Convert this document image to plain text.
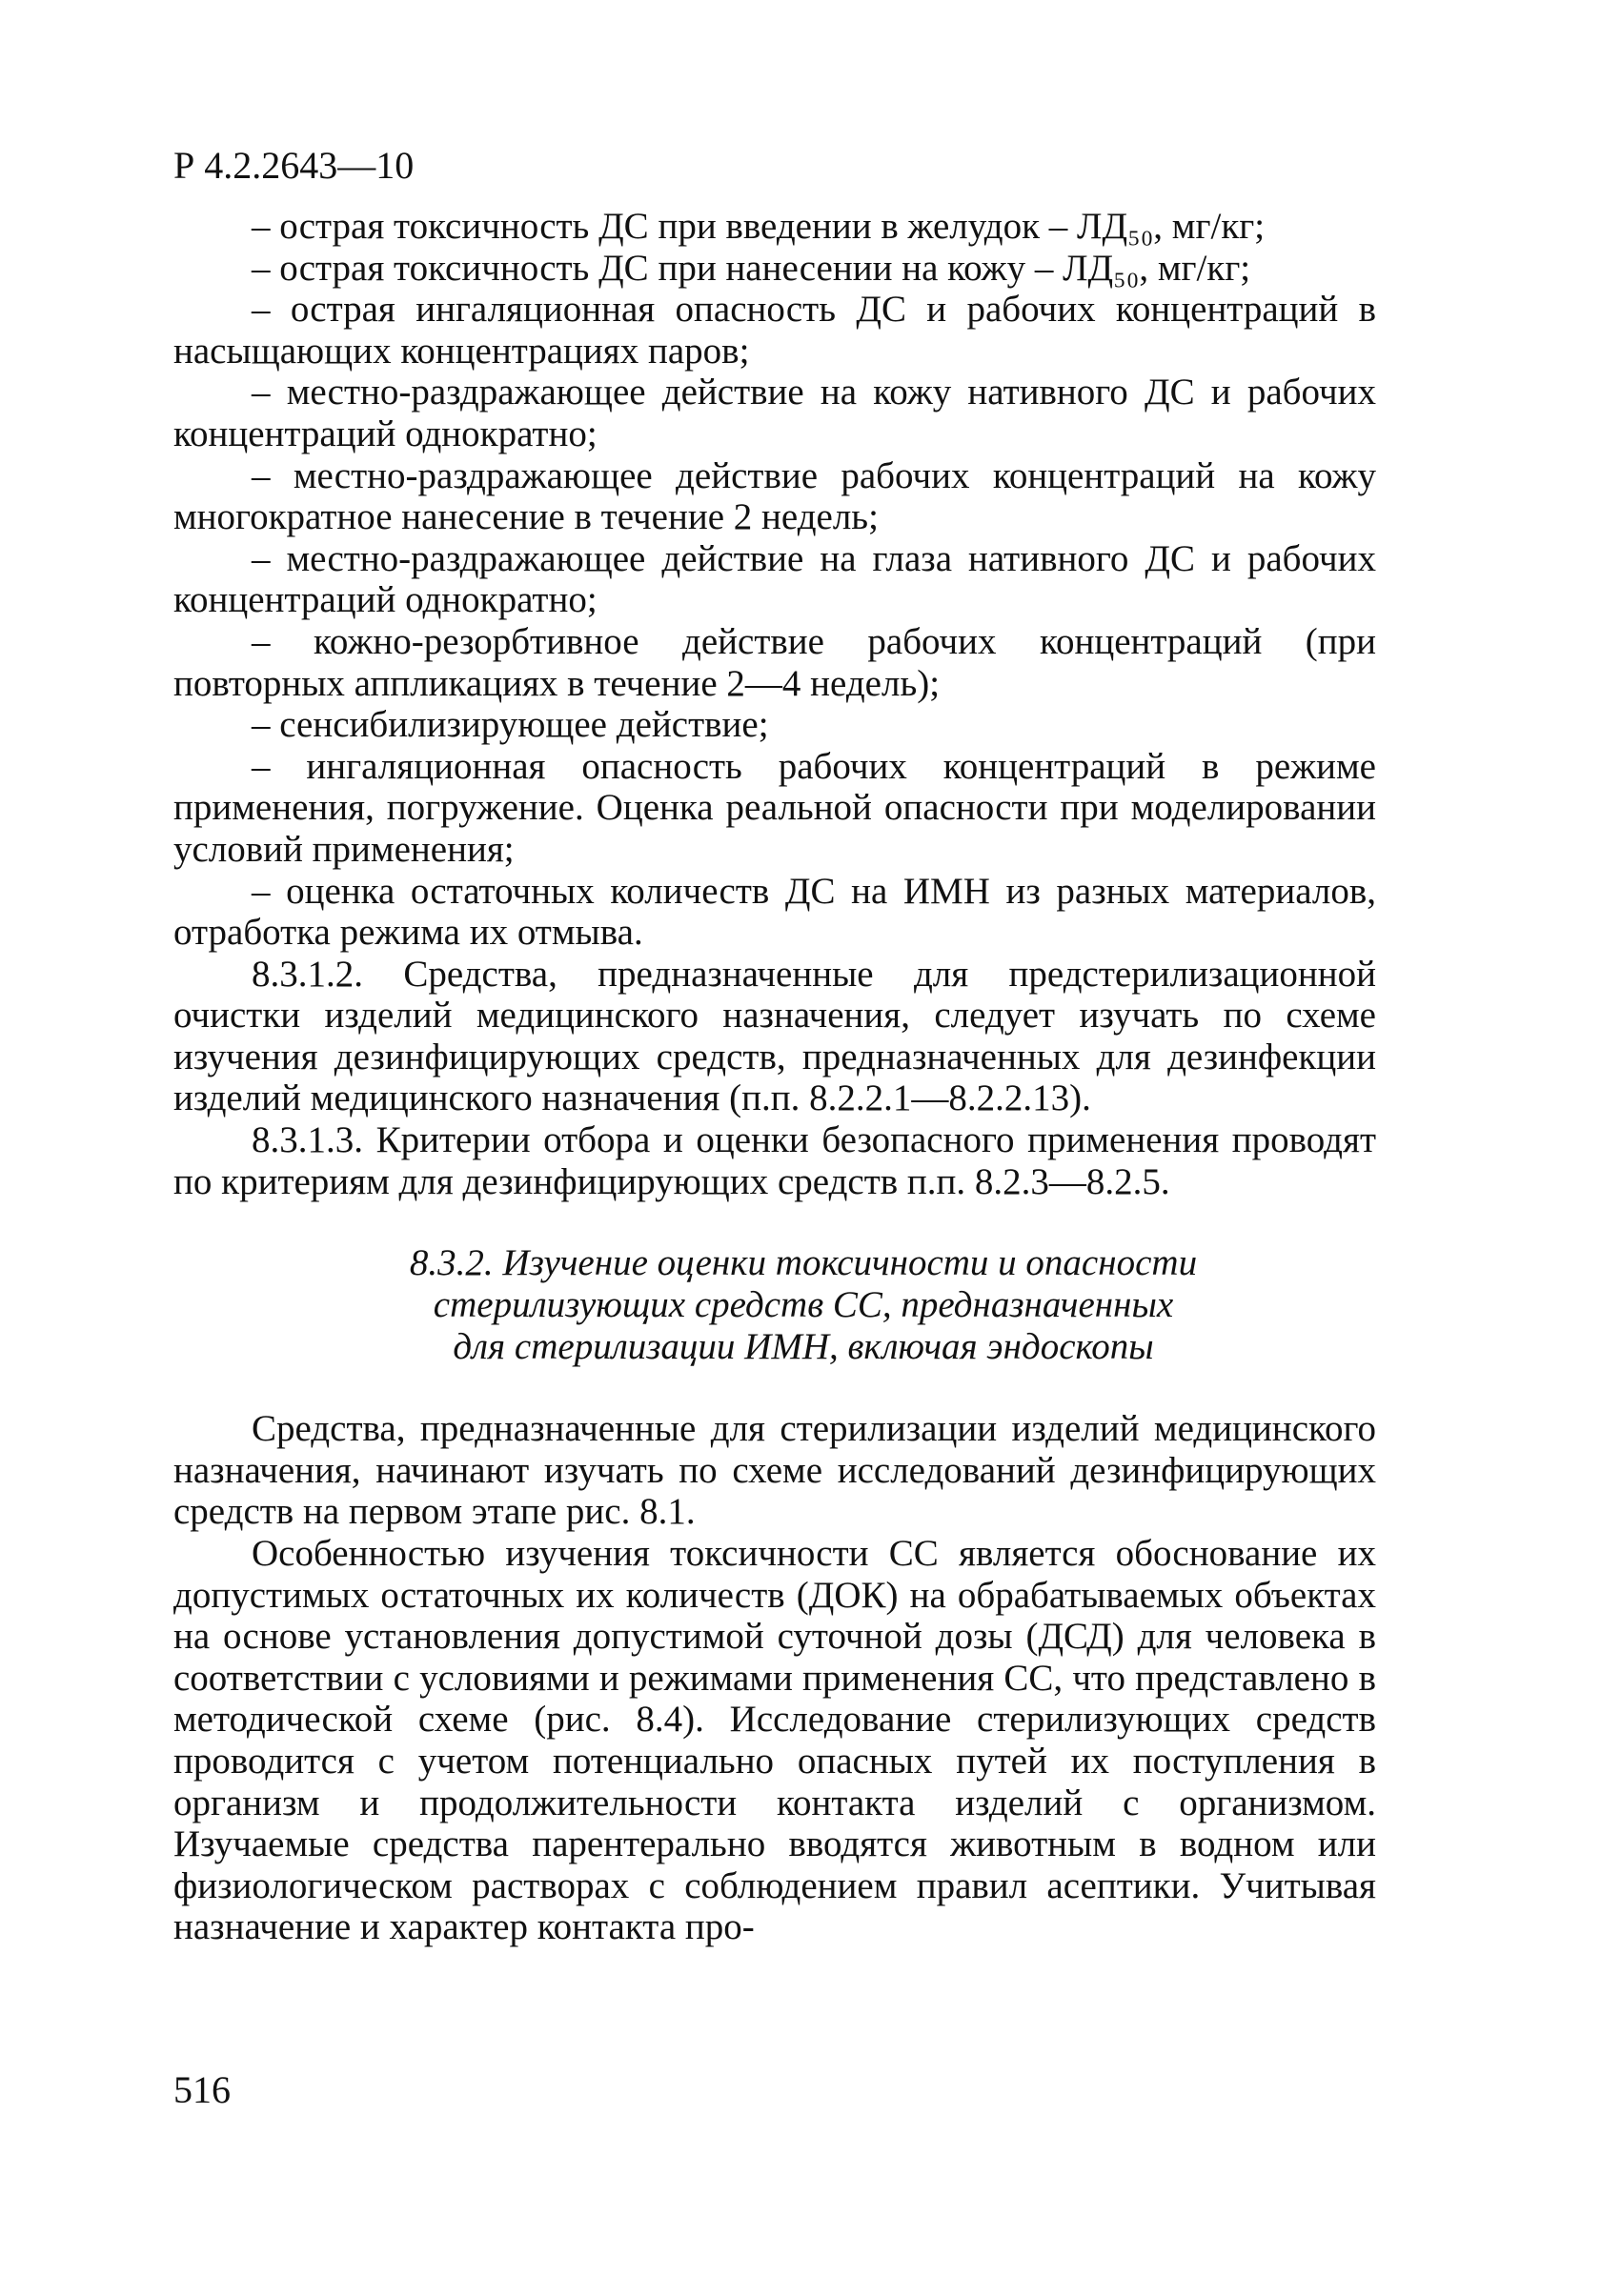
Р 4.2.2643—10

– острая токсичность ДС при введении в желудок – ЛД₅₀, мг/кг;

– острая токсичность ДС при нанесении на кожу – ЛД₅₀, мг/кг;

– острая ингаляционная опасность ДС и рабочих концентраций в насыщающих концентрациях паров;

– местно-раздражающее действие на кожу нативного ДС и рабочих концентраций однократно;

– местно-раздражающее действие рабочих концентраций на кожу многократное нанесение в течение 2 недель;

– местно-раздражающее действие на глаза нативного ДС и рабочих концентраций однократно;

– кожно-резорбтивное действие рабочих концентраций (при повторных аппликациях в течение 2—4 недель);

– сенсибилизирующее действие;

– ингаляционная опасность рабочих концентраций в режиме применения, погружение. Оценка реальной опасности при моделировании условий применения;

– оценка остаточных количеств ДС на ИМН из разных материалов, отработка режима их отмыва.

8.3.1.2. Средства, предназначенные для предстерилизационной очистки изделий медицинского назначения, следует изучать по схеме изучения дезинфицирующих средств, предназначенных для дезинфекции изделий медицинского назначения (п.п. 8.2.2.1—8.2.2.13).

8.3.1.3. Критерии отбора и оценки безопасного применения проводят по критериям для дезинфицирующих средств п.п. 8.2.3—8.2.5.

8.3.2. Изучение оценки токсичности и опасности
стерилизующих средств СС, предназначенных
для стерилизации ИМН, включая эндоскопы

Средства, предназначенные для стерилизации изделий медицинского назначения, начинают изучать по схеме исследований дезинфицирующих средств на первом этапе рис. 8.1.

Особенностью изучения токсичности СС является обоснование их допустимых остаточных их количеств (ДОК) на обрабатываемых объектах на основе установления допустимой суточной дозы (ДСД) для человека в соответствии с условиями и режимами применения СС, что представлено в методической схеме (рис. 8.4). Исследование стерилизующих средств проводится с учетом потенциально опасных путей их поступления в организм и продолжительности контакта изделий с организмом. Изучаемые средства парентерально вводятся животным в водном или физиологическом растворах с соблюдением правил асептики. Учитывая назначение и характер контакта про-

516
